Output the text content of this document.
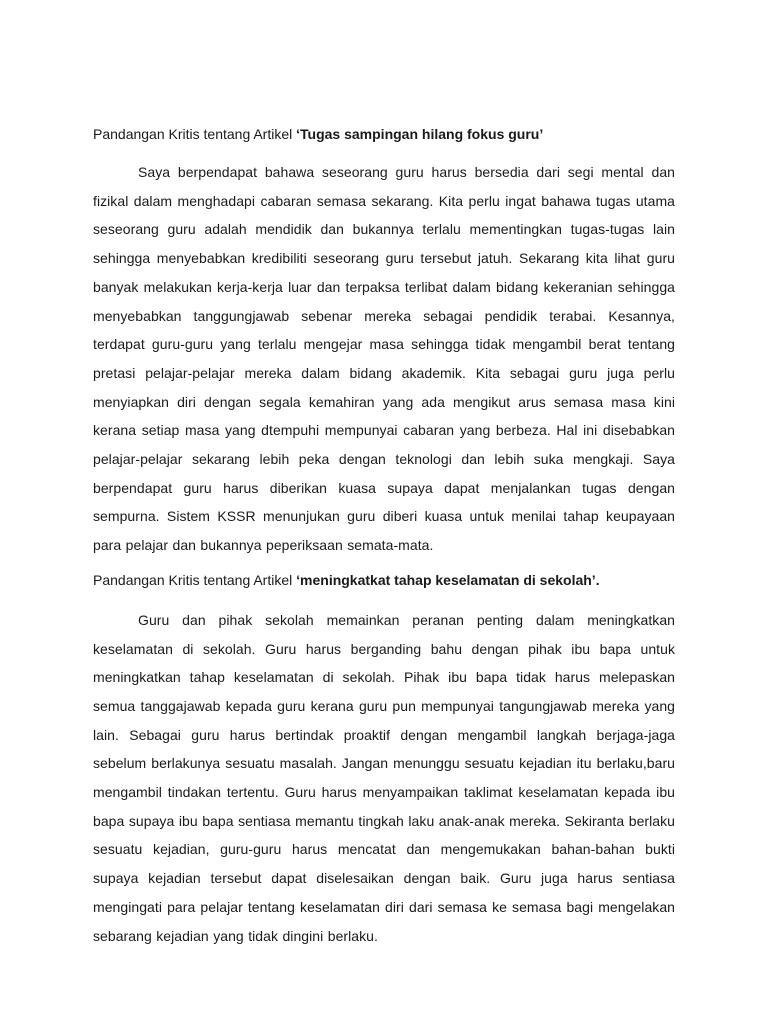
Pandangan Kritis tentang Artikel ‘Tugas sampingan hilang fokus guru’

Saya berpendapat bahawa seseorang guru harus bersedia dari segi mental dan fizikal dalam menghadapi cabaran semasa sekarang. Kita perlu ingat bahawa tugas utama seseorang guru adalah mendidik dan bukannya terlalu mementingkan tugas-tugas lain sehingga menyebabkan kredibiliti seseorang guru tersebut jatuh. Sekarang kita lihat guru banyak melakukan kerja-kerja luar dan terpaksa terlibat dalam bidang kekeranian sehingga menyebabkan tanggungjawab sebenar mereka sebagai pendidik terabai. Kesannya, terdapat guru-guru yang terlalu mengejar masa sehingga tidak mengambil berat tentang pretasi pelajar-pelajar mereka dalam bidang akademik. Kita sebagai guru juga perlu menyiapkan diri dengan segala kemahiran yang ada mengikut arus semasa masa kini kerana setiap masa yang dtempuhi mempunyai cabaran yang berbeza. Hal ini disebabkan pelajar-pelajar sekarang lebih peka dengan teknologi dan lebih suka mengkaji. Saya berpendapat guru harus diberikan kuasa supaya dapat menjalankan tugas dengan sempurna. Sistem KSSR menunjukan guru diberi kuasa untuk menilai tahap keupayaan para pelajar dan bukannya peperiksaan semata-mata.

Pandangan Kritis tentang Artikel ‘meningkatkat tahap keselamatan di sekolah’.

Guru dan pihak sekolah memainkan peranan penting dalam meningkatkan keselamatan di sekolah. Guru harus berganding bahu dengan pihak ibu bapa untuk meningkatkan tahap keselamatan di sekolah. Pihak ibu bapa tidak harus melepaskan semua tanggajawab kepada guru kerana guru pun mempunyai tangungjawab mereka yang lain. Sebagai guru harus bertindak proaktif dengan mengambil langkah berjaga-jaga sebelum berlakunya sesuatu masalah. Jangan menunggu sesuatu kejadian itu berlaku,baru mengambil tindakan tertentu. Guru harus menyampaikan taklimat keselamatan kepada ibu bapa supaya ibu bapa sentiasa memantu tingkah laku anak-anak mereka. Sekiranta berlaku sesuatu kejadian, guru-guru harus mencatat dan mengemukakan bahan-bahan bukti supaya kejadian tersebut dapat diselesaikan dengan baik. Guru juga harus sentiasa mengingati para pelajar tentang keselamatan diri dari semasa ke semasa bagi mengelakan sebarang kejadian yang tidak dingini berlaku.
